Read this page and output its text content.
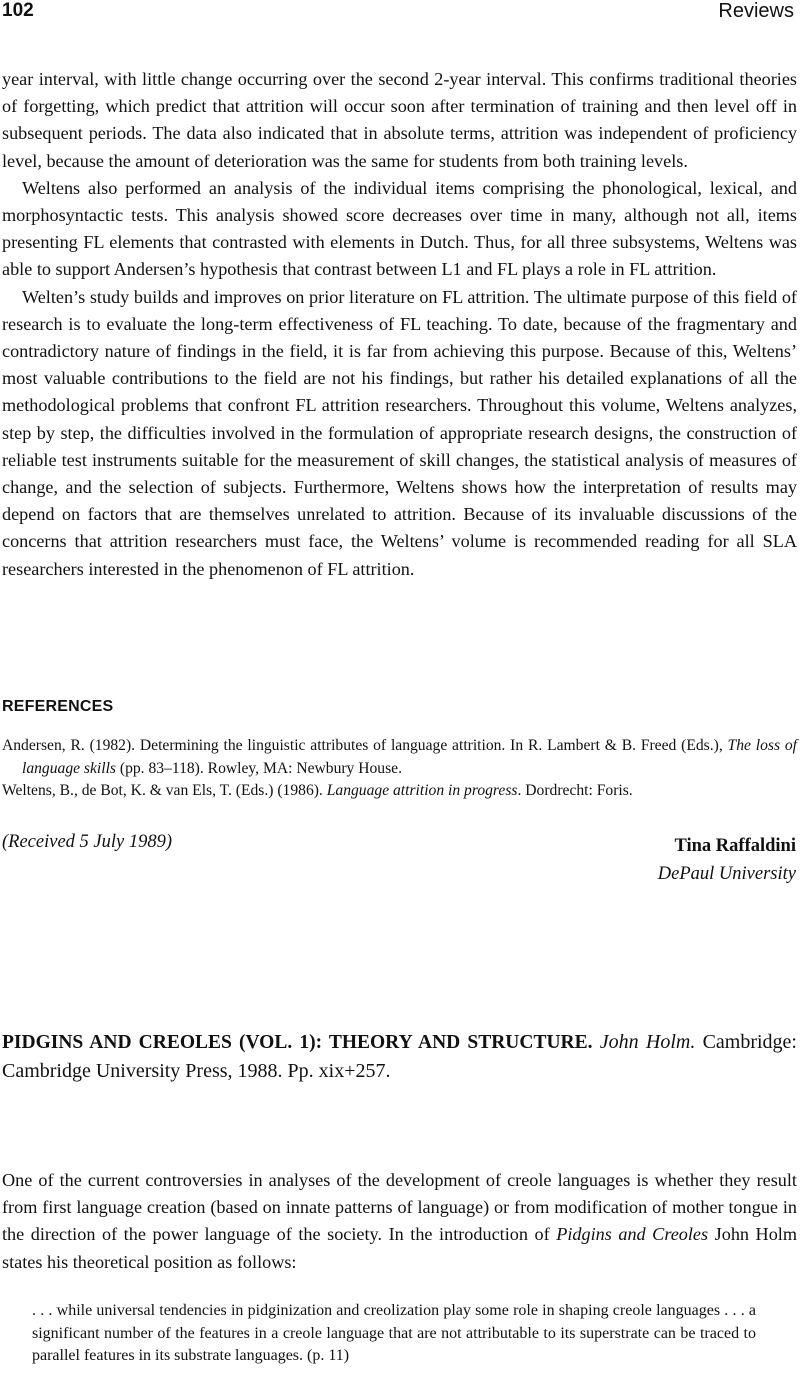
102	Reviews

year interval, with little change occurring over the second 2-year interval. This confirms traditional theories of forgetting, which predict that attrition will occur soon after termination of training and then level off in subsequent periods. The data also indicated that in absolute terms, attrition was independent of proficiency level, because the amount of deterioration was the same for students from both training levels.

Weltens also performed an analysis of the individual items comprising the phonological, lexical, and morphosyntactic tests. This analysis showed score decreases over time in many, although not all, items presenting FL elements that contrasted with elements in Dutch. Thus, for all three subsystems, Weltens was able to support Andersen’s hypothesis that contrast between L1 and FL plays a role in FL attrition.

Welten’s study builds and improves on prior literature on FL attrition. The ultimate purpose of this field of research is to evaluate the long-term effectiveness of FL teaching. To date, because of the fragmentary and contradictory nature of findings in the field, it is far from achieving this purpose. Because of this, Weltens’ most valuable contributions to the field are not his findings, but rather his detailed explanations of all the methodological problems that confront FL attrition researchers. Throughout this volume, Weltens analyzes, step by step, the difficulties involved in the formulation of appropriate research designs, the construction of reliable test instruments suitable for the measurement of skill changes, the statistical analysis of measures of change, and the selection of subjects. Furthermore, Weltens shows how the interpretation of results may depend on factors that are themselves unrelated to attrition. Because of its invaluable discussions of the concerns that attrition researchers must face, the Weltens’ volume is recommended reading for all SLA researchers interested in the phenomenon of FL attrition.

REFERENCES
Andersen, R. (1982). Determining the linguistic attributes of language attrition. In R. Lambert & B. Freed (Eds.), The loss of language skills (pp. 83–118). Rowley, MA: Newbury House.
Weltens, B., de Bot, K. & van Els, T. (Eds.) (1986). Language attrition in progress. Dordrecht: Foris.
(Received 5 July 1989)	Tina Raffaldini
DePaul University
PIDGINS AND CREOLES (VOL. 1): THEORY AND STRUCTURE. John Holm. Cambridge: Cambridge University Press, 1988. Pp. xix+257.

One of the current controversies in analyses of the development of creole languages is whether they result from first language creation (based on innate patterns of language) or from modification of mother tongue in the direction of the power language of the society. In the introduction of Pidgins and Creoles John Holm states his theoretical position as follows:

. . . while universal tendencies in pidginization and creolization play some role in shaping creole languages . . . a significant number of the features in a creole language that are not attributable to its superstrate can be traced to parallel features in its substrate languages. (p. 11)
